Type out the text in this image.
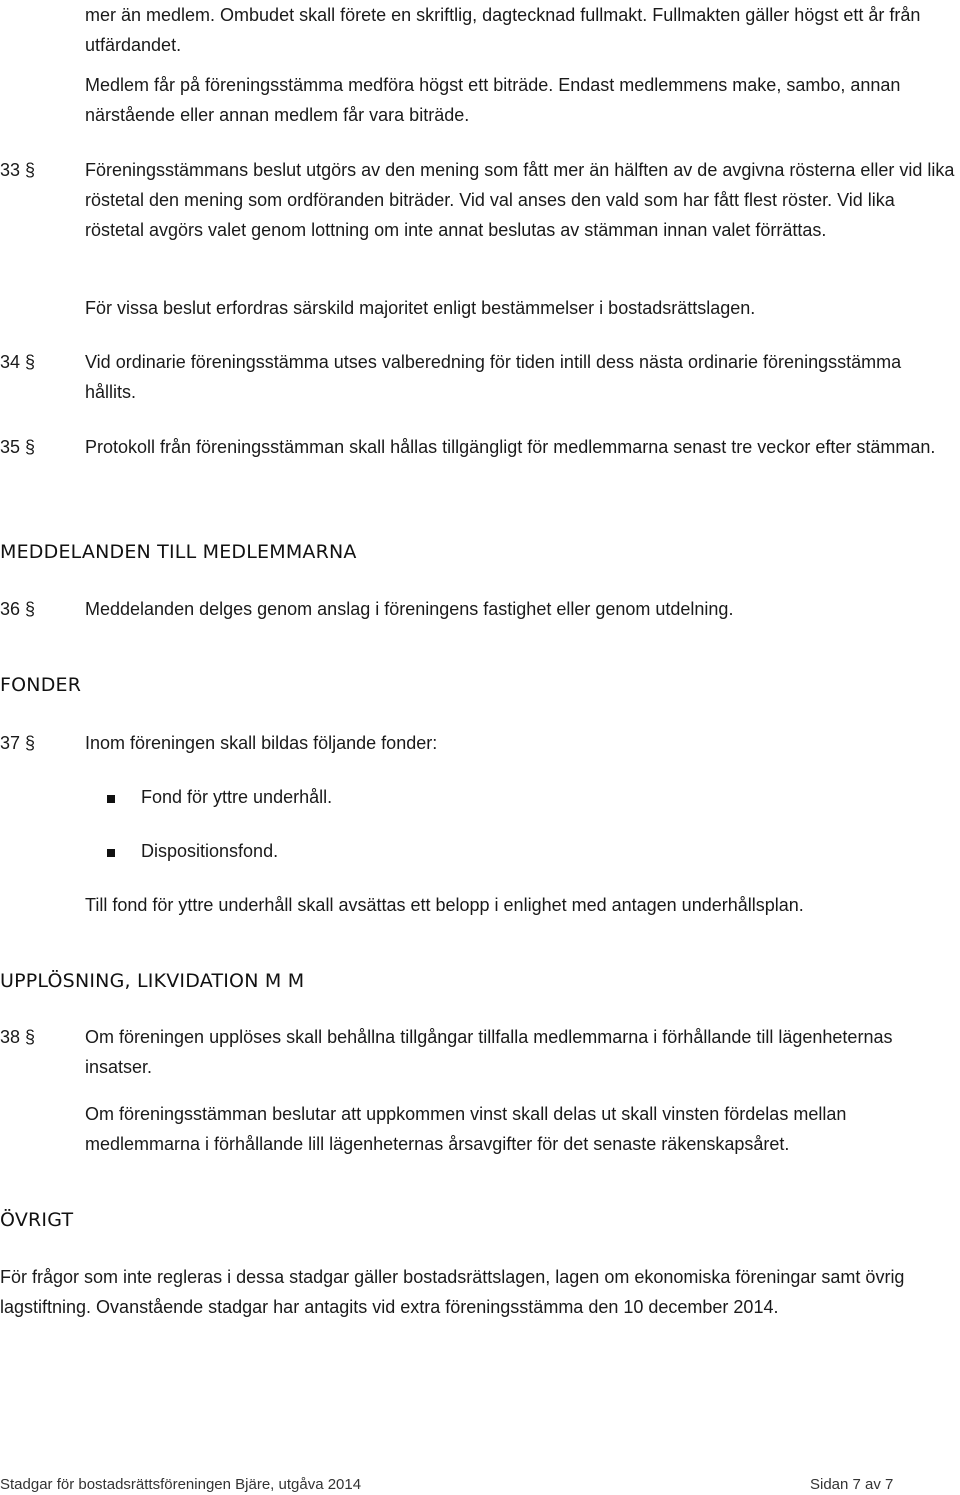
mer än medlem. Ombudet skall förete en skriftlig, dagtecknad fullmakt. Fullmakten gäller högst ett år från utfärdandet.

Medlem får på föreningsstämma medföra högst ett biträde. Endast medlemmens make, sambo, annan närstående eller annan medlem får vara biträde.

33 §	Föreningsstämmans beslut utgörs av den mening som fått mer än hälften av de avgivna rösterna eller vid lika röstetal den mening som ordföranden biträder. Vid val anses den vald som har fått flest röster. Vid lika röstetal avgörs valet genom lottning om inte annat beslutas av stämman innan valet förrättas.

För vissa beslut erfordras särskild majoritet enligt bestämmelser i bostadsrättslagen.

34 §	Vid ordinarie föreningsstämma utses valberedning för tiden intill dess nästa ordinarie föreningsstämma hållits.

35 §	Protokoll från föreningsstämman skall hållas tillgängligt för medlemmarna senast tre veckor efter stämman.

MEDDELANDEN TILL MEDLEMMARNA
36 §	Meddelanden delges genom anslag i föreningens fastighet eller genom utdelning.

FONDER
37 §	Inom föreningen skall bildas följande fonder:

Fond för yttre underhåll.

Dispositionsfond.

Till fond för yttre underhåll skall avsättas ett belopp i enlighet med antagen underhållsplan.

UPPLÖSNING, LIKVIDATION M M
38 §	Om föreningen upplöses skall behållna tillgångar tillfalla medlemmarna i förhållande till lägenheternas insatser.

Om föreningsstämman beslutar att uppkommen vinst skall delas ut skall vinsten fördelas mellan medlemmarna i förhållande lill lägenheternas årsavgifter för det senaste räkenskapsåret.

ÖVRIGT

För frågor som inte regleras i dessa stadgar gäller bostadsrättslagen, lagen om ekonomiska föreningar samt övrig lagstiftning. Ovanstående stadgar har antagits vid extra föreningsstämma den 10 december 2014.

Stadgar för bostadsrättsföreningen Bjäre, utgåva 2014	Sidan 7 av 7
